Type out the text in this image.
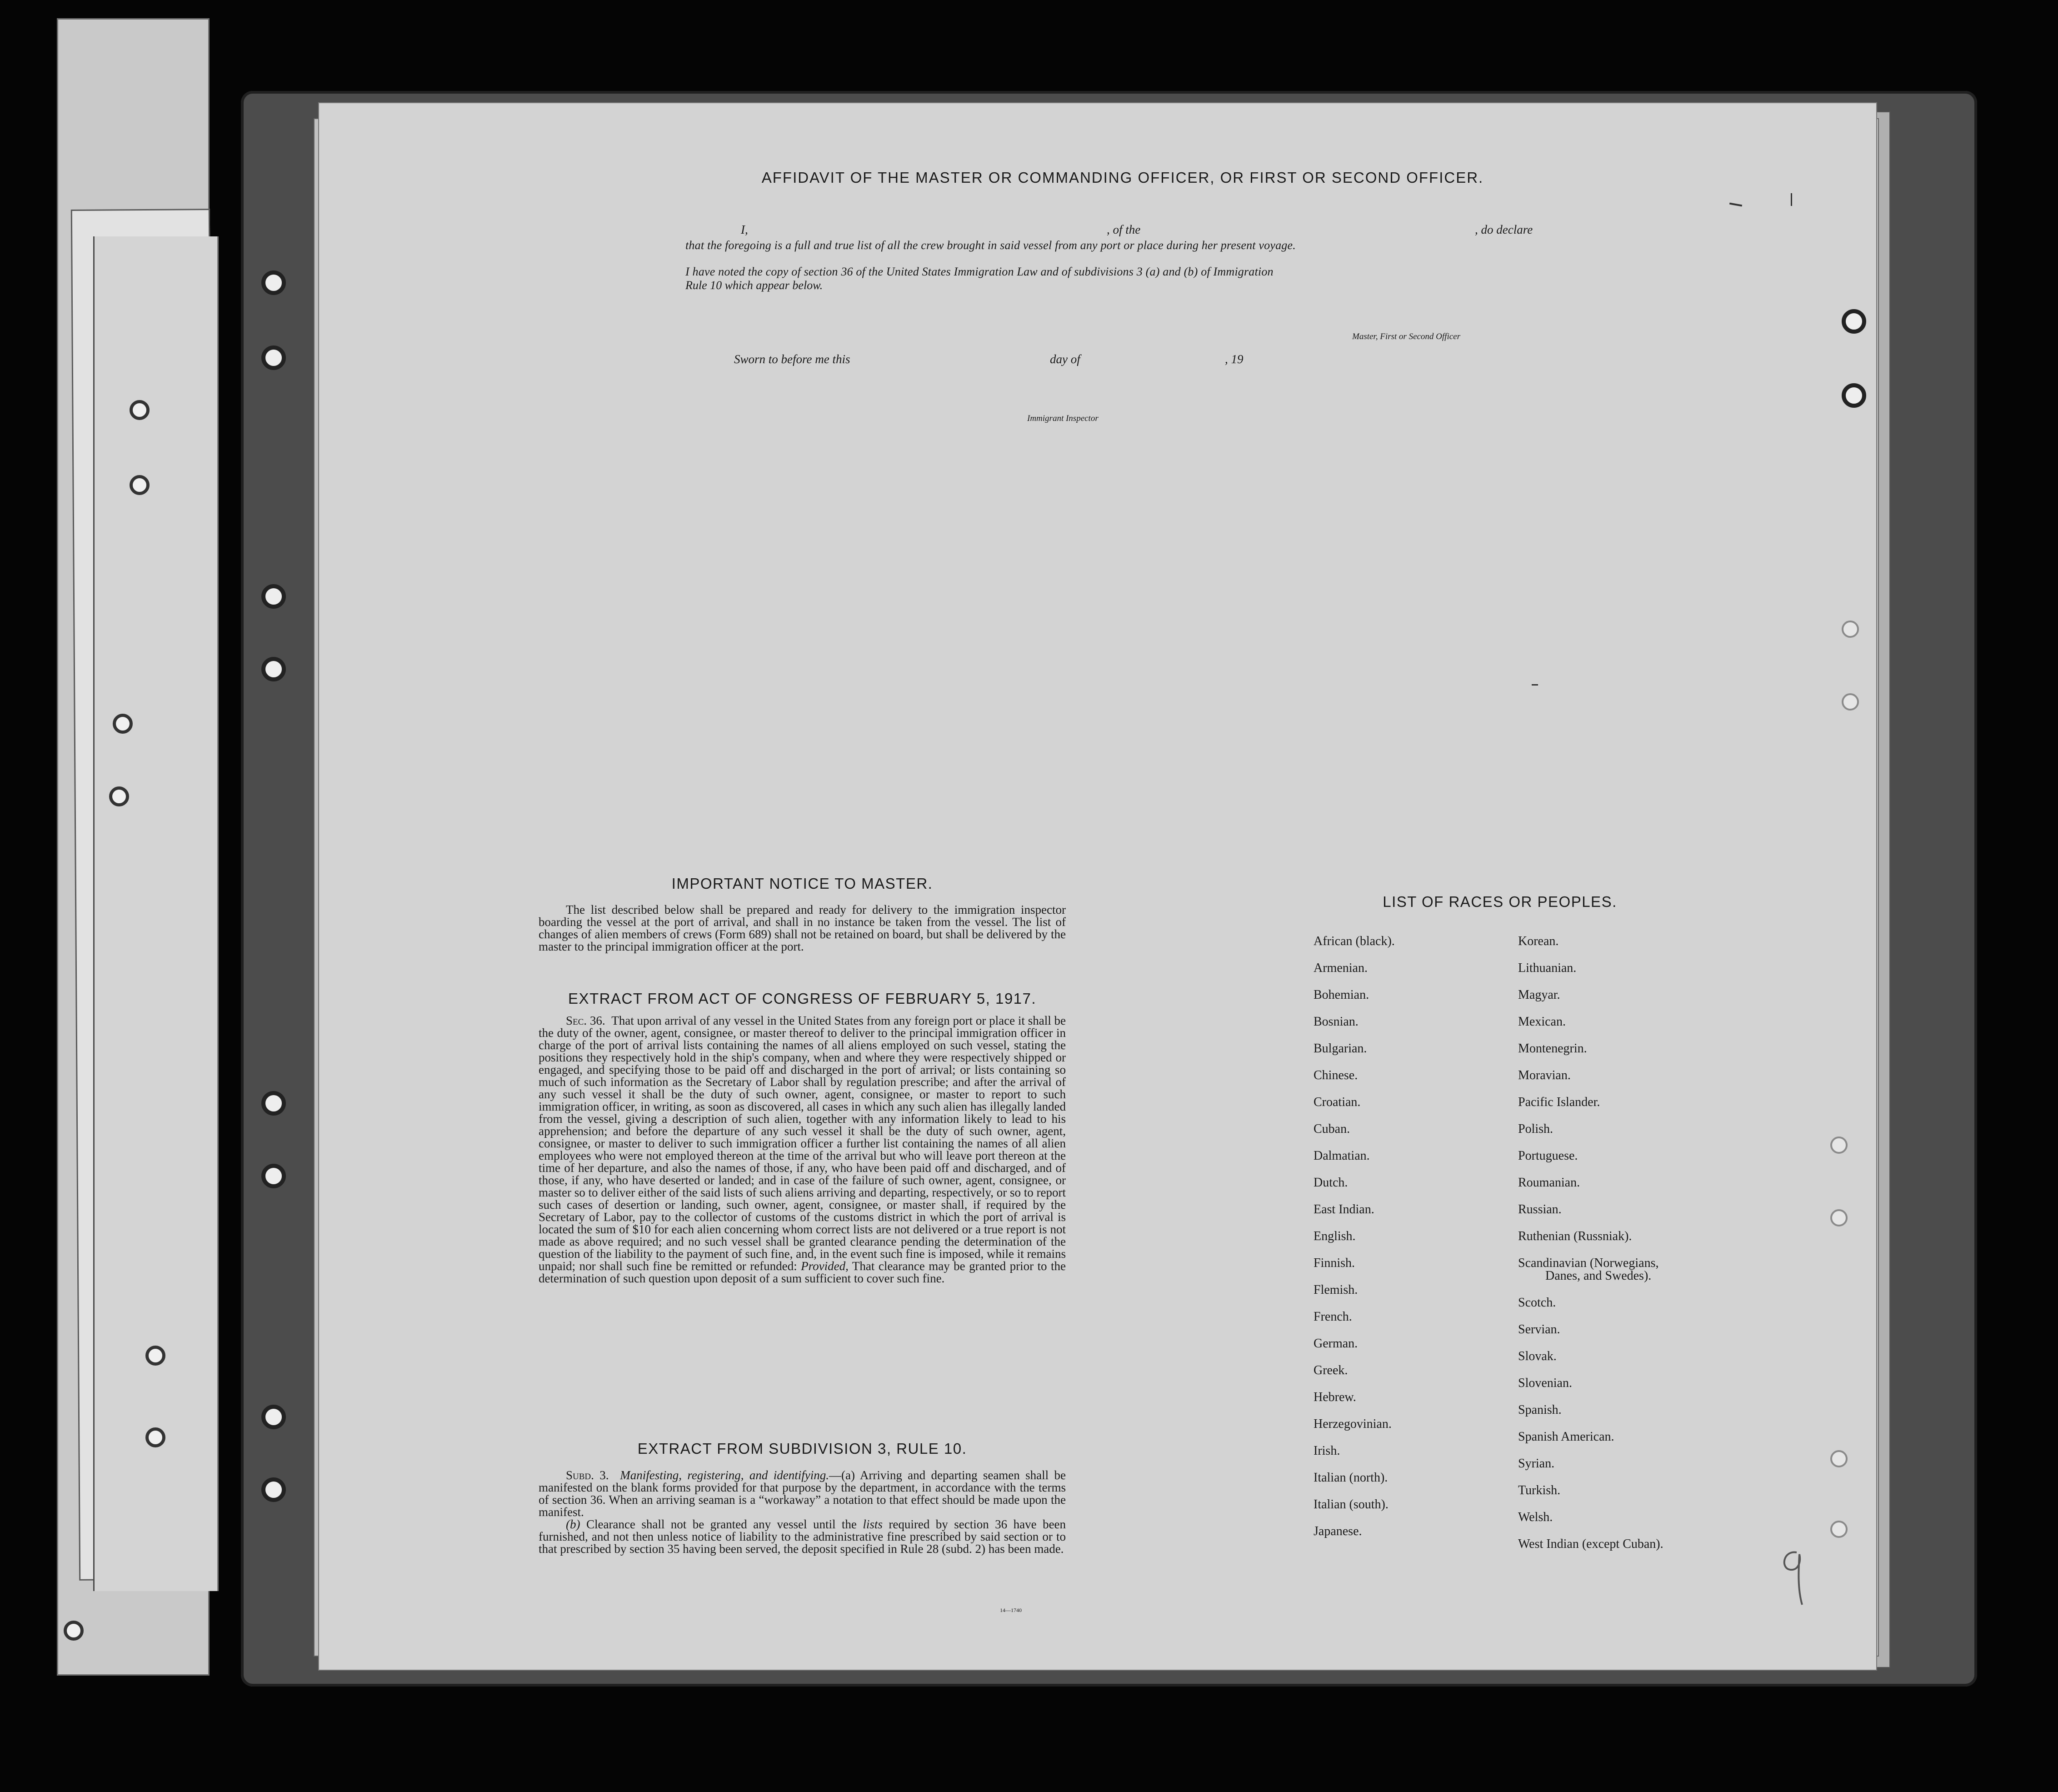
AFFIDAVIT OF THE MASTER OR COMMANDING OFFICER, OR FIRST OR SECOND OFFICER.
I,	, of the	, do declare
that the foregoing is a full and true list of all the crew brought in said vessel from any port or place during her present voyage.
I have noted the copy of section 36 of the United States Immigration Law and of subdivisions 3 (a) and (b) of Immigration
Rule 10 which appear below.
Master, First or Second Officer
Sworn to before me this	day of	, 19
Immigrant Inspector
IMPORTANT NOTICE TO MASTER.

The list described below shall be prepared and ready for delivery to the immigration inspector boarding the vessel at the port of arrival, and shall in no instance be taken from the vessel. The list of changes of alien members of crews (Form 689) shall not be retained on board, but shall be delivered by the master to the principal immigration officer at the port.

EXTRACT FROM ACT OF CONGRESS OF FEBRUARY 5, 1917.

Sec. 36. That upon arrival of any vessel in the United States from any foreign port or place it shall be the duty of the owner, agent, consignee, or master thereof to deliver to the principal immigration officer in charge of the port of arrival lists containing the names of all aliens employed on such vessel, stating the positions they respectively hold in the ship's company, when and where they were respectively shipped or engaged, and specifying those to be paid off and discharged in the port of arrival; or lists containing so much of such information as the Secretary of Labor shall by regulation prescribe; and after the arrival of any such vessel it shall be the duty of such owner, agent, consignee, or master to report to such immigration officer, in writing, as soon as discovered, all cases in which any such alien has illegally landed from the vessel, giving a description of such alien, together with any information likely to lead to his apprehension; and before the departure of any such vessel it shall be the duty of such owner, agent, consignee, or master to deliver to such immigration officer a further list containing the names of all alien employees who were not employed thereon at the time of the arrival but who will leave port thereon at the time of her departure, and also the names of those, if any, who have been paid off and discharged, and of those, if any, who have deserted or landed; and in case of the failure of such owner, agent, consignee, or master so to deliver either of the said lists of such aliens arriving and departing, respectively, or so to report such cases of desertion or landing, such owner, agent, consignee, or master shall, if required by the Secretary of Labor, pay to the collector of customs of the customs district in which the port of arrival is located the sum of $10 for each alien concerning whom correct lists are not delivered or a true report is not made as above required; and no such vessel shall be granted clearance pending the determination of the question of the liability to the payment of such fine, and, in the event such fine is imposed, while it remains unpaid; nor shall such fine be remitted or refunded: Provided, That clearance may be granted prior to the determination of such question upon deposit of a sum sufficient to cover such fine.

EXTRACT FROM SUBDIVISION 3, RULE 10.

Subd. 3. Manifesting, registering, and identifying.—(a) Arriving and departing seamen shall be manifested on the blank forms provided for that purpose by the department, in accordance with the terms of section 36. When an arriving seaman is a “workaway” a notation to that effect should be made upon the manifest.

(b) Clearance shall not be granted any vessel until the lists required by section 36 have been furnished, and not then unless notice of liability to the administrative fine prescribed by said section or to that prescribed by section 35 having been served, the deposit specified in Rule 28 (subd. 2) has been made.

14—1740
LIST OF RACES OR PEOPLES.
African (black).
Armenian.
Bohemian.
Bosnian.
Bulgarian.
Chinese.
Croatian.
Cuban.
Dalmatian.
Dutch.
East Indian.
English.
Finnish.
Flemish.
French.
German.
Greek.
Hebrew.
Herzegovinian.
Irish.
Italian (north).
Italian (south).
Japanese.
Korean.
Lithuanian.
Magyar.
Mexican.
Montenegrin.
Moravian.
Pacific Islander.
Polish.
Portuguese.
Roumanian.
Russian.
Ruthenian (Russniak).
Scandinavian (Norwegians,
Danes, and Swedes).
Scotch.
Servian.
Slovak.
Slovenian.
Spanish.
Spanish American.
Syrian.
Turkish.
Welsh.
West Indian (except Cuban).
